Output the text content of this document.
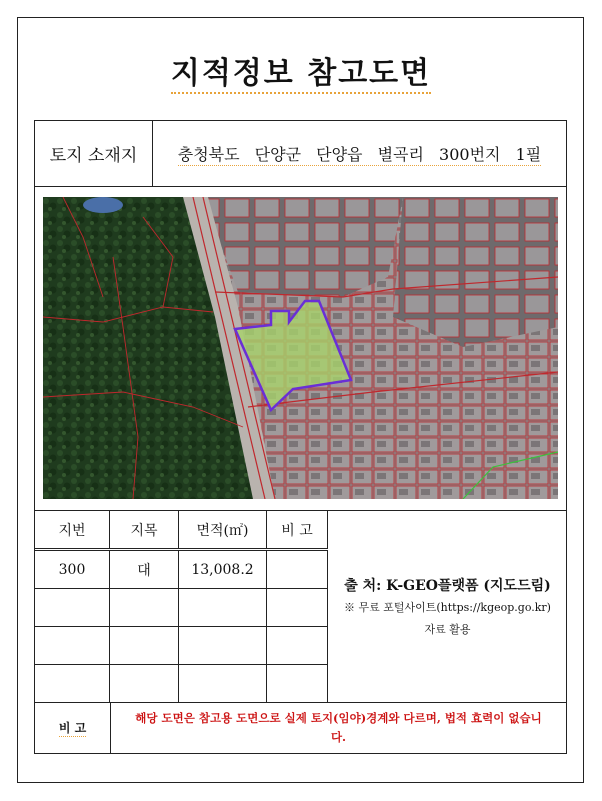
지적정보 참고도면
토지 소재지	충청북도 단양군 단양읍 별곡리 300번지 1필
지번	지목	면적(㎡)	비 고
300	대	13,008.2
출 처: K-GEO플랫폼 (지도드림)
※ 무료 포털사이트(https://kgeop.go.kr)
자료 활용
비 고
해당 도면은 참고용 도면으로 실제 토지(임야)경계와 다르며, 법적 효력이 없습니다.
